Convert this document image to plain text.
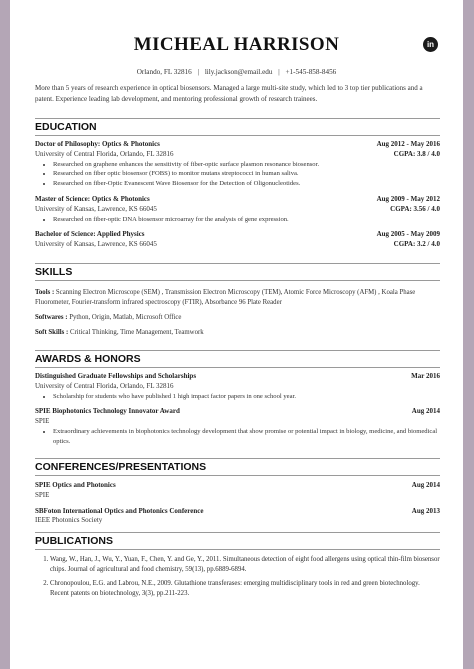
MICHEAL HARRISON	in
Orlando, FL 32816 | lily.jackson@email.edu | +1-545-858-8456
More than 5 years of research experience in optical biosensors. Managed a large multi-site study, which led to 3 top tier publications and a patent. Experience leading lab development, and mentoring professional growth of research trainees.
EDUCATION
Doctor of Philosophy: Optics & Photonics	Aug 2012 - May 2016
University of Central Florida, Orlando, FL 32816	CGPA: 3.8 / 4.0
• Researched on graphene enhances the sensitivity of fiber-optic surface plasmon resonance biosensor.
• Researched on fiber optic biosensor (FOBS) to monitor mutans streptococci in human saliva.
• Researched on fiber-Optic Evanescent Wave Biosensor for the Detection of Oligonucleotides.
Master of Science: Optics & Photonics	Aug 2009 - May 2012
University of Kansas, Lawrence, KS 66045	CGPA: 3.56 / 4.0
• Researched on fiber-optic DNA biosensor microarray for the analysis of gene expression.
Bachelor of Science: Applied Physics	Aug 2005 - May 2009
University of Kansas, Lawrence, KS 66045	CGPA: 3.2 / 4.0
SKILLS
Tools : Scanning Electron Microscope (SEM) , Transmission Electron Microscopy (TEM), Atomic Force Microscopy (AFM) , Koala Phase Fluorometer, Fourier-transform infrared spectroscopy (FTIR), Absorbance 96 Plate Reader
Softwares : Python, Origin, Matlab, Microsoft Office
Soft Skills : Critical Thinking, Time Management, Teamwork
AWARDS & HONORS
Distinguished Graduate Fellowships and Scholarships	Mar 2016
University of Central Florida, Orlando, FL 32816
• Scholarship for students who have published 1 high impact factor papers in one school year.
SPIE Biophotonics Technology Innovator Award	Aug 2014
SPIE
• Extraordinary achievements in biophotonics technology development that show promise or potential impact in biology, medicine, and biomedical optics.
CONFERENCES/PRESENTATIONS
SPIE Optics and Photonics	Aug 2014
SPIE
SBFoton International Optics and Photonics Conference	Aug 2013
IEEE Photonics Society
PUBLICATIONS
1. Wang, W., Han, J., Wu, Y., Yuan, F., Chen, Y. and Ge, Y., 2011. Simultaneous detection of eight food allergens using optical thin-film biosensor chips. Journal of agricultural and food chemistry, 59(13), pp.6889-6894.
2. Chronopoulou, E.G. and Labrou, N.E., 2009. Glutathione transferases: emerging multidisciplinary tools in red and green biotechnology. Recent patents on biotechnology, 3(3), pp.211-223.
